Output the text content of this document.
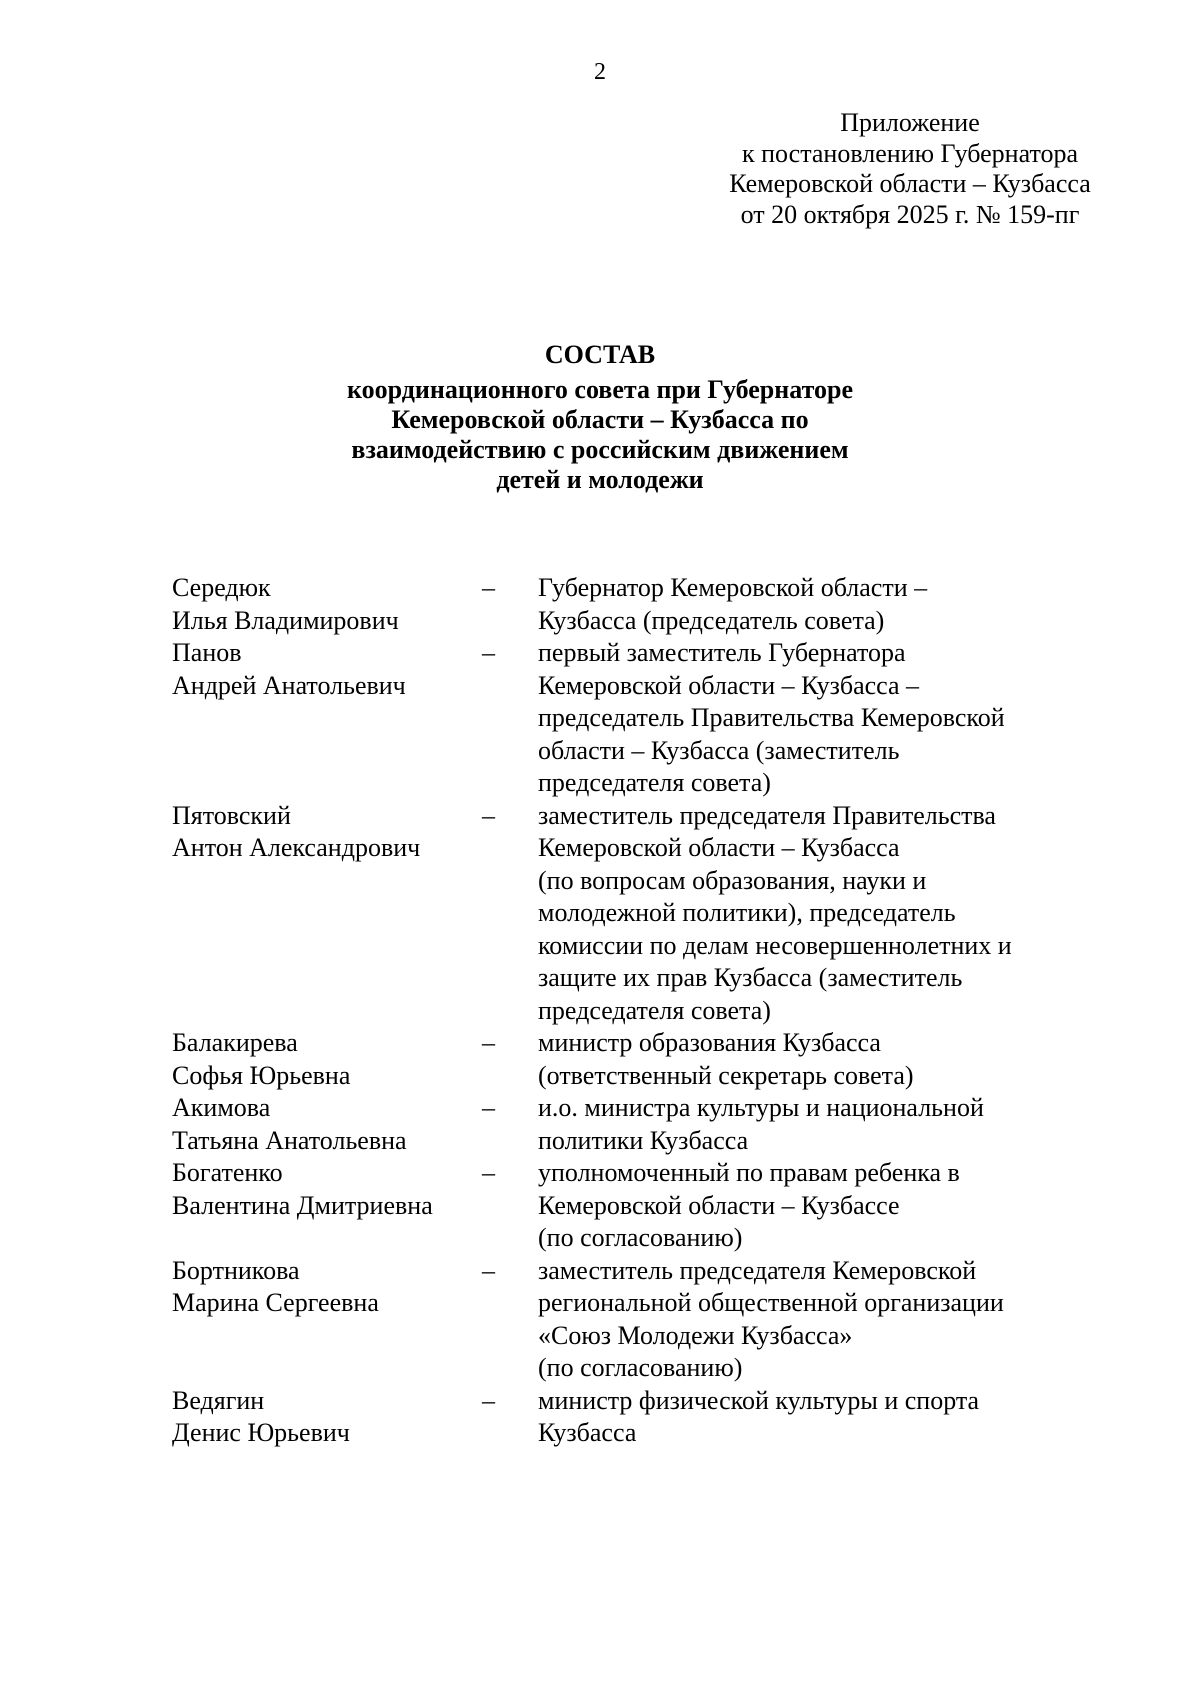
2
Приложение
к постановлению Губернатора
Кемеровской области – Кузбасса
от 20 октября 2025 г. № 159-пг
СОСТАВ
координационного совета при Губернаторе
Кемеровской области – Кузбасса по
взаимодействию с российским движением
детей и молодежи
Середюк
Илья Владимирович
–	Губернатор Кемеровской области –
Кузбасса (председатель совета)
Панов
Андрей Анатольевич
–	первый заместитель Губернатора
Кемеровской области – Кузбасса –
председатель Правительства Кемеровской
области – Кузбасса (заместитель
председателя совета)
Пятовский
Антон Александрович
–	заместитель председателя Правительства
Кемеровской области – Кузбасса
(по вопросам образования, науки и
молодежной политики), председатель
комиссии по делам несовершеннолетних и
защите их прав Кузбасса (заместитель
председателя совета)
Балакирева
Софья Юрьевна
–	министр образования Кузбасса
(ответственный секретарь совета)
Акимова
Татьяна Анатольевна
–	и.о. министра культуры и национальной
политики Кузбасса
Богатенко
Валентина Дмитриевна
–	уполномоченный по правам ребенка в
Кемеровской области – Кузбассе
(по согласованию)
Бортникова
Марина Сергеевна
–	заместитель председателя Кемеровской
региональной общественной организации
«Союз Молодежи Кузбасса»
(по согласованию)
Ведягин
Денис Юрьевич
–	министр физической культуры и спорта
Кузбасса
